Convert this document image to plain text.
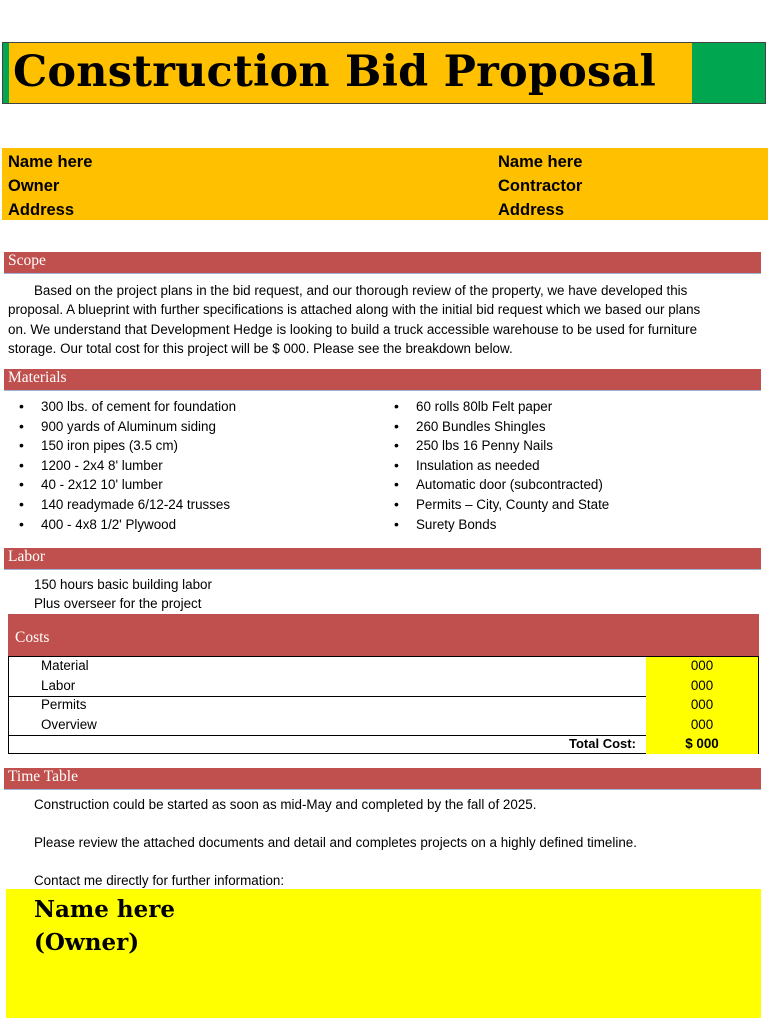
Construction Bid Proposal
Name here
Owner
Address
Name here
Contractor
Address
Scope
Based on the project plans in the bid request, and our thorough review of the property, we have developed this
proposal. A blueprint with further specifications is attached along with the initial bid request which we based our plans
on. We understand that Development Hedge is looking to build a truck accessible warehouse to be used for furniture
storage. Our total cost for this project will be $ 000. Please see the breakdown below.
Materials
• 300 lbs. of cement for foundation
• 900 yards of Aluminum siding
• 150 iron pipes (3.5 cm)
• 1200 - 2x4 8' lumber
• 40 - 2x12 10' lumber
• 140 readymade 6/12-24 trusses
• 400 - 4x8 1/2' Plywood
• 60 rolls 80lb Felt paper
• 260 Bundles Shingles
• 250 lbs 16 Penny Nails
• Insulation as needed
• Automatic door (subcontracted)
• Permits – City, County and State
• Surety Bonds
Labor
150 hours basic building labor
Plus overseer for the project
Costs
Material	000
Labor	000
Permits	000
Overview	000
Total Cost:	$ 000
Time Table
Construction could be started as soon as mid-May and completed by the fall of 2025.
Please review the attached documents and detail and completes projects on a highly defined timeline.
Contact me directly for further information:
Name here
(Owner)
